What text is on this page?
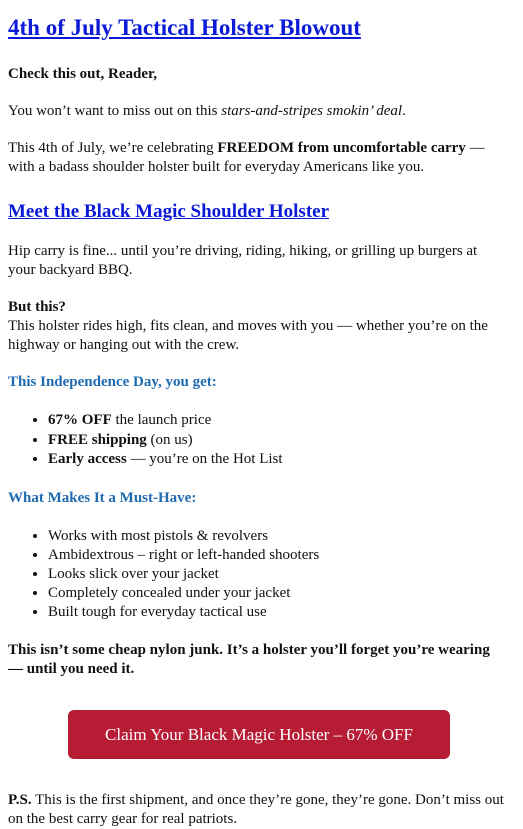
4th of July Tactical Holster Blowout

Check this out, Reader,

You won’t want to miss out on this stars-and-stripes smokin’ deal.

This 4th of July, we’re celebrating FREEDOM from uncomfortable carry — with a badass shoulder holster built for everyday Americans like you.

Meet the Black Magic Shoulder Holster

Hip carry is fine... until you’re driving, riding, hiking, or grilling up burgers at your backyard BBQ.

But this?
This holster rides high, fits clean, and moves with you — whether you’re on the highway or hanging out with the crew.

This Independence Day, you get:
• 67% OFF the launch price
• FREE shipping (on us)
• Early access — you’re on the Hot List
What Makes It a Must-Have:
• Works with most pistols & revolvers
• Ambidextrous – right or left-handed shooters
• Looks slick over your jacket
• Completely concealed under your jacket
• Built tough for everyday tactical use

This isn’t some cheap nylon junk. It’s a holster you’ll forget you’re wearing — until you need it.

Claim Your Black Magic Holster – 67% OFF

P.S. This is the first shipment, and once they’re gone, they’re gone. Don’t miss out on the best carry gear for real patriots.
